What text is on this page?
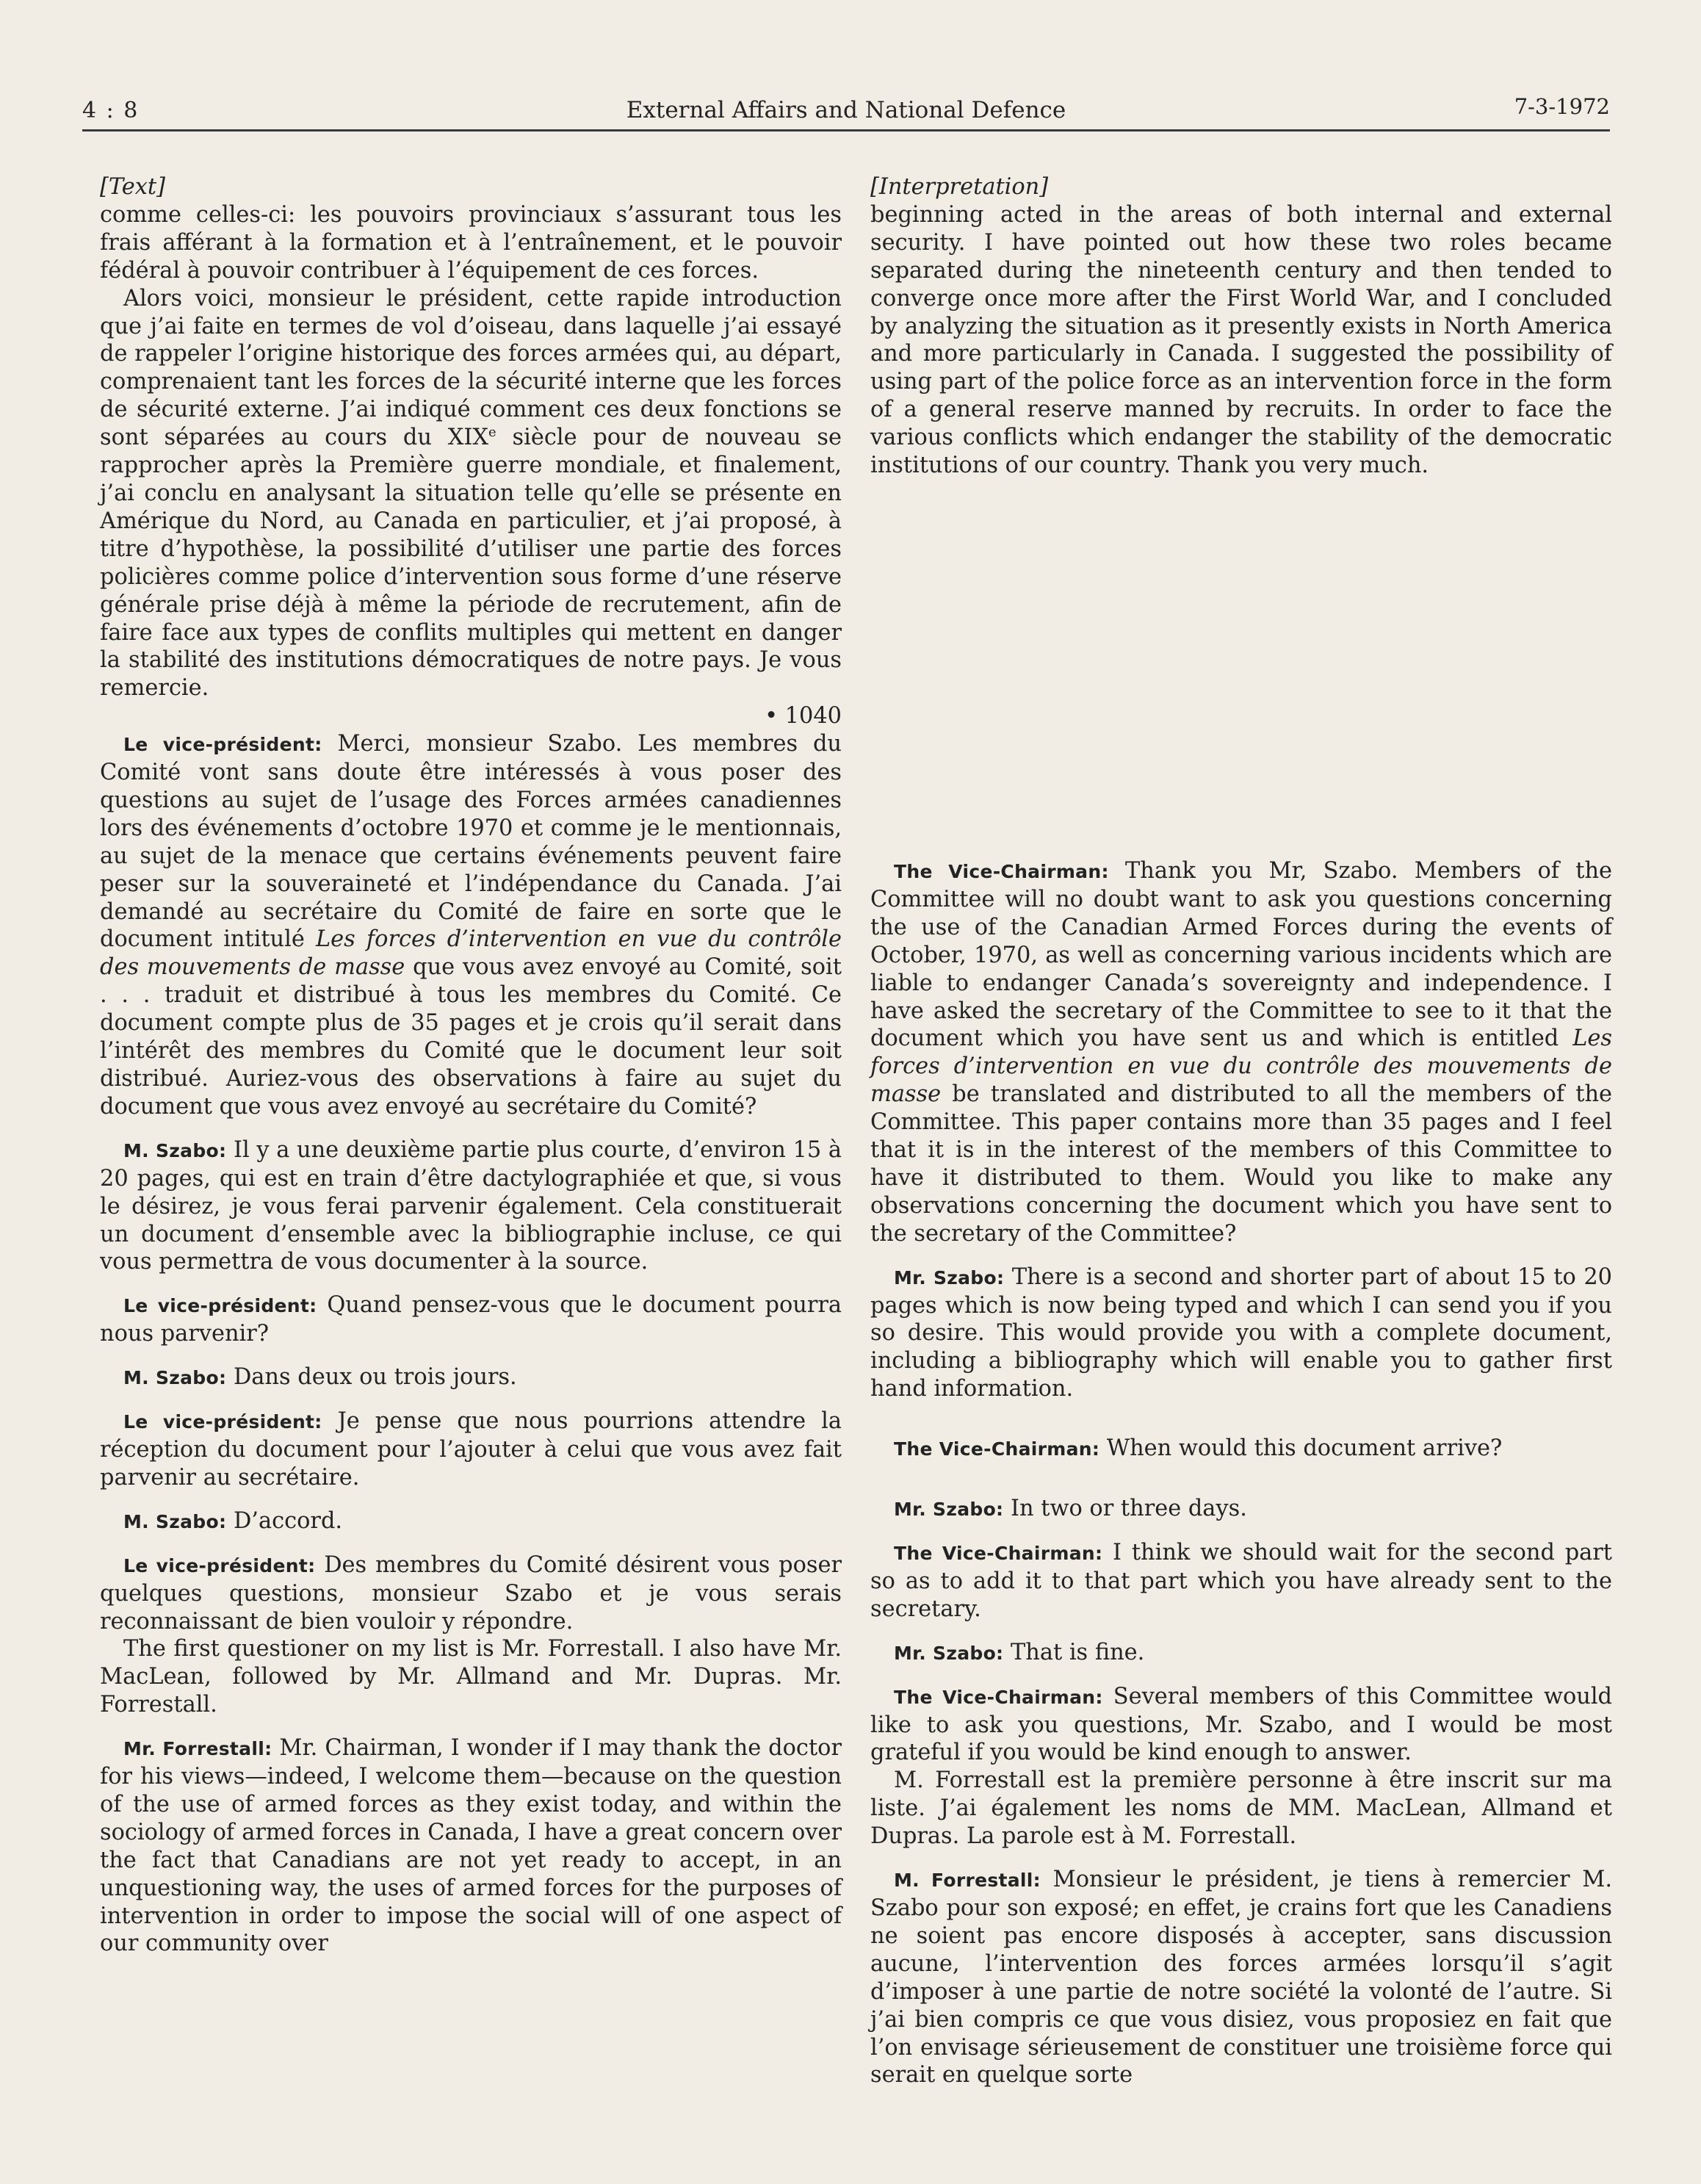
4 : 8	External Affairs and National Defence	7-3-1972

[Text]

comme celles-ci: les pouvoirs provinciaux s’assurant tous les frais afférant à la formation et à l’entraînement, et le pouvoir fédéral à pouvoir contribuer à l’équipement de ces forces.

Alors voici, monsieur le président, cette rapide introduction que j’ai faite en termes de vol d’oiseau, dans laquelle j’ai essayé de rappeler l’origine historique des forces armées qui, au départ, comprenaient tant les forces de la sécurité interne que les forces de sécurité externe. J’ai indiqué comment ces deux fonctions se sont séparées au cours du XIXe siècle pour de nouveau se rapprocher après la Première guerre mondiale, et finalement, j’ai conclu en analysant la situation telle qu’elle se présente en Amérique du Nord, au Canada en particulier, et j’ai proposé, à titre d’hypothèse, la possibilité d’utiliser une partie des forces policières comme police d’intervention sous forme d’une réserve générale prise déjà à même la période de recrutement, afin de faire face aux types de conflits multiples qui mettent en danger la stabilité des institutions démocratiques de notre pays. Je vous remercie.

• 1040

Le vice-président: Merci, monsieur Szabo. Les membres du Comité vont sans doute être intéressés à vous poser des questions au sujet de l’usage des Forces armées canadiennes lors des événements d’octobre 1970 et comme je le mentionnais, au sujet de la menace que certains événements peuvent faire peser sur la souveraineté et l’indépendance du Canada. J’ai demandé au secrétaire du Comité de faire en sorte que le document intitulé Les forces d’intervention en vue du contrôle des mouvements de masse que vous avez envoyé au Comité, soit . . . traduit et distribué à tous les membres du Comité. Ce document compte plus de 35 pages et je crois qu’il serait dans l’intérêt des membres du Comité que le document leur soit distribué. Auriez-vous des observations à faire au sujet du document que vous avez envoyé au secrétaire du Comité?

M. Szabo: Il y a une deuxième partie plus courte, d’environ 15 à 20 pages, qui est en train d’être dactylographiée et que, si vous le désirez, je vous ferai parvenir également. Cela constituerait un document d’ensemble avec la bibliographie incluse, ce qui vous permettra de vous documenter à la source.

Le vice-président: Quand pensez-vous que le document pourra nous parvenir?

M. Szabo: Dans deux ou trois jours.

Le vice-président: Je pense que nous pourrions attendre la réception du document pour l’ajouter à celui que vous avez fait parvenir au secrétaire.

M. Szabo: D’accord.

Le vice-président: Des membres du Comité désirent vous poser quelques questions, monsieur Szabo et je vous serais reconnaissant de bien vouloir y répondre.

The first questioner on my list is Mr. Forrestall. I also have Mr. MacLean, followed by Mr. Allmand and Mr. Dupras. Mr. Forrestall.

Mr. Forrestall: Mr. Chairman, I wonder if I may thank the doctor for his views—indeed, I welcome them—because on the question of the use of armed forces as they exist today, and within the sociology of armed forces in Canada, I have a great concern over the fact that Canadians are not yet ready to accept, in an unquestioning way, the uses of armed forces for the purposes of intervention in order to impose the social will of one aspect of our community over

[Interpretation]

beginning acted in the areas of both internal and external security. I have pointed out how these two roles became separated during the nineteenth century and then tended to converge once more after the First World War, and I concluded by analyzing the situation as it presently exists in North America and more particularly in Canada. I suggested the possibility of using part of the police force as an intervention force in the form of a general reserve manned by recruits. In order to face the various conflicts which endanger the stability of the democratic institutions of our country. Thank you very much.

The Vice-Chairman: Thank you Mr, Szabo. Members of the Committee will no doubt want to ask you questions concerning the use of the Canadian Armed Forces during the events of October, 1970, as well as concerning various incidents which are liable to endanger Canada’s sovereignty and independence. I have asked the secretary of the Committee to see to it that the document which you have sent us and which is entitled Les forces d’intervention en vue du contrôle des mouvements de masse be translated and distributed to all the members of the Committee. This paper contains more than 35 pages and I feel that it is in the interest of the members of this Committee to have it distributed to them. Would you like to make any observations concerning the document which you have sent to the secretary of the Committee?

Mr. Szabo: There is a second and shorter part of about 15 to 20 pages which is now being typed and which I can send you if you so desire. This would provide you with a complete document, including a bibliography which will enable you to gather first hand information.

The Vice-Chairman: When would this document arrive?

Mr. Szabo: In two or three days.

The Vice-Chairman: I think we should wait for the second part so as to add it to that part which you have already sent to the secretary.

Mr. Szabo: That is fine.

The Vice-Chairman: Several members of this Committee would like to ask you questions, Mr. Szabo, and I would be most grateful if you would be kind enough to answer.

M. Forrestall est la première personne à être inscrit sur ma liste. J’ai également les noms de MM. MacLean, Allmand et Dupras. La parole est à M. Forrestall.

M. Forrestall: Monsieur le président, je tiens à remercier M. Szabo pour son exposé; en effet, je crains fort que les Canadiens ne soient pas encore disposés à accepter, sans discussion aucune, l’intervention des forces armées lorsqu’il s’agit d’imposer à une partie de notre société la volonté de l’autre. Si j’ai bien compris ce que vous disiez, vous proposiez en fait que l’on envisage sérieusement de constituer une troisième force qui serait en quelque sorte
